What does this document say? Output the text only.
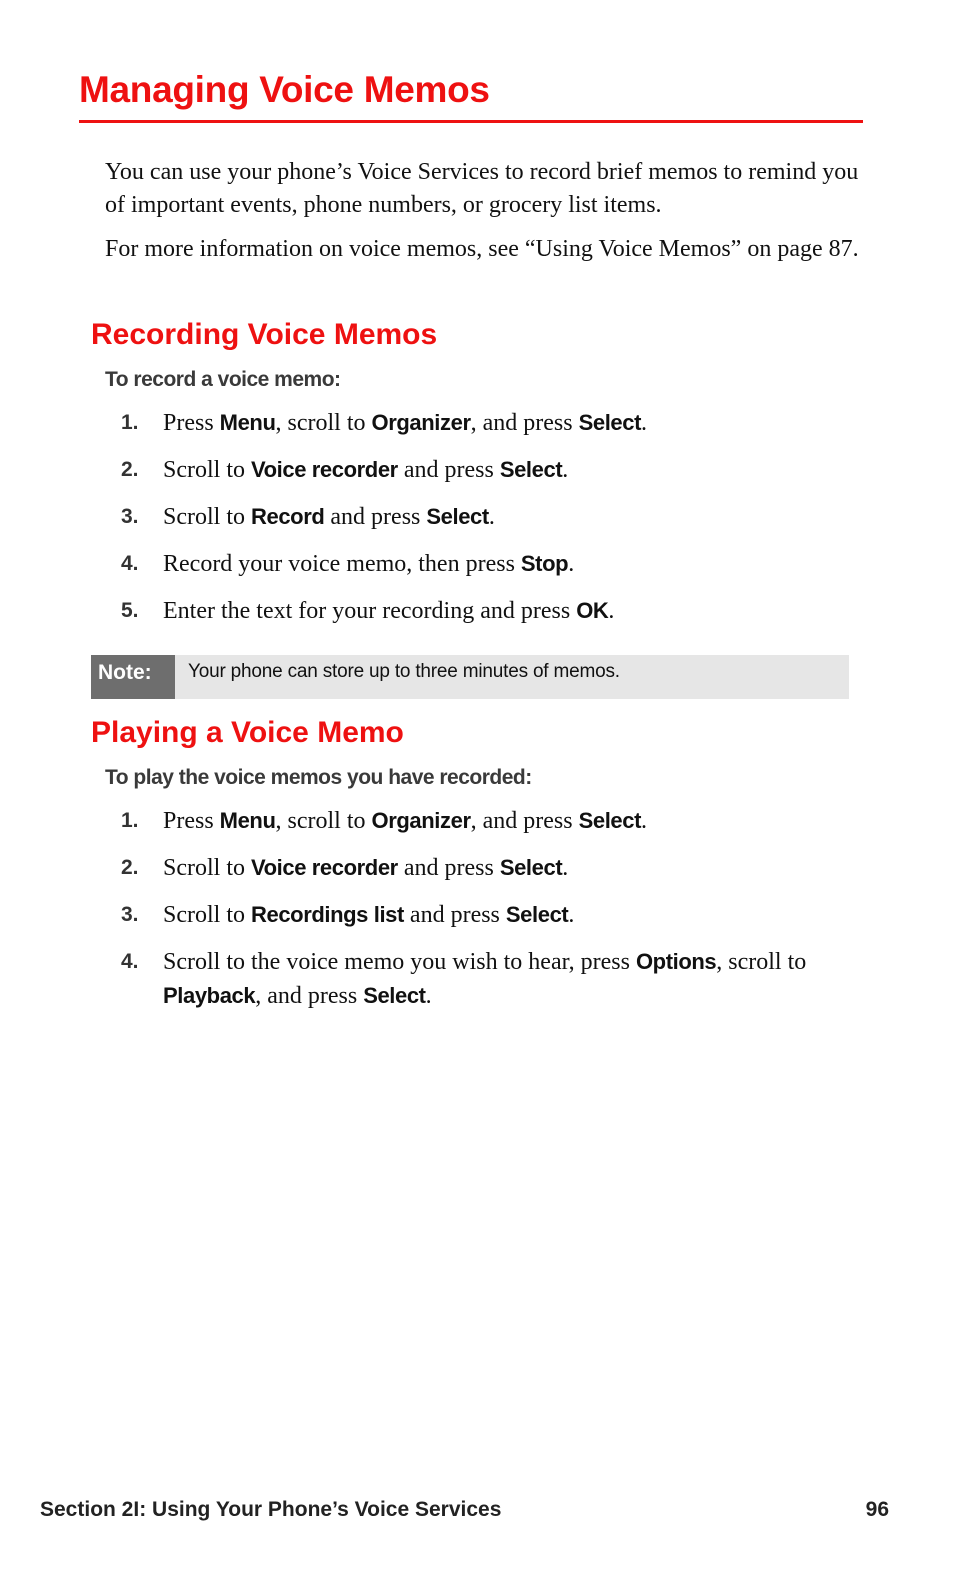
Managing Voice Memos

You can use your phone’s Voice Services to record brief memos to remind you of important events, phone numbers, or grocery list items.

For more information on voice memos, see “Using Voice Memos” on page 87.

Recording Voice Memos
To record a voice memo:
1. Press Menu, scroll to Organizer, and press Select.
2. Scroll to Voice recorder and press Select.
3. Scroll to Record and press Select.
4. Record your voice memo, then press Stop.
5. Enter the text for your recording and press OK.
Note:	Your phone can store up to three minutes of memos.
Playing a Voice Memo
To play the voice memos you have recorded:
1. Press Menu, scroll to Organizer, and press Select.
2. Scroll to Voice recorder and press Select.
3. Scroll to Recordings list and press Select.
4. Scroll to the voice memo you wish to hear, press Options, scroll to Playback, and press Select.
Section 2I: Using Your Phone’s Voice Services	96
